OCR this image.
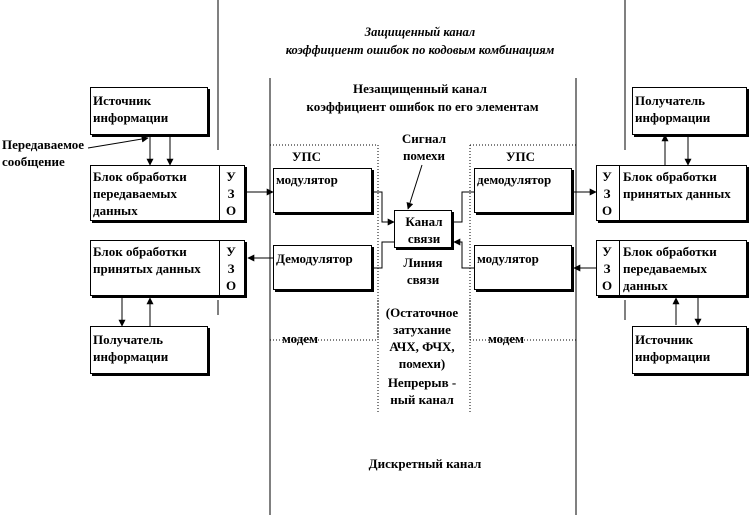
Защищенный канал
коэффициент ошибок по кодовым комбинациям
Незащищенный канал
коэффициент ошибок по его элементам
Источник
информации
Передаваемое
сообщение
Блок обработки
передаваемых
данных
У
З
О
Блок обработки
принятых данных
У
З
О
Получатель
информации
УПС
модулятор
Демодулятор
модем
Сигнал
помехи
Канал
связи
Линия
связи
(Остаточное
затухание
АЧХ, ФЧХ,
помехи)
Непрерыв -
ный канал
Дискретный канал
УПС
демодулятор
модулятор
модем
Получатель
информации
У
З
О
Блок обработки
принятых данных
У
З
О
Блок обработки
передаваемых
данных
Источник
информации
